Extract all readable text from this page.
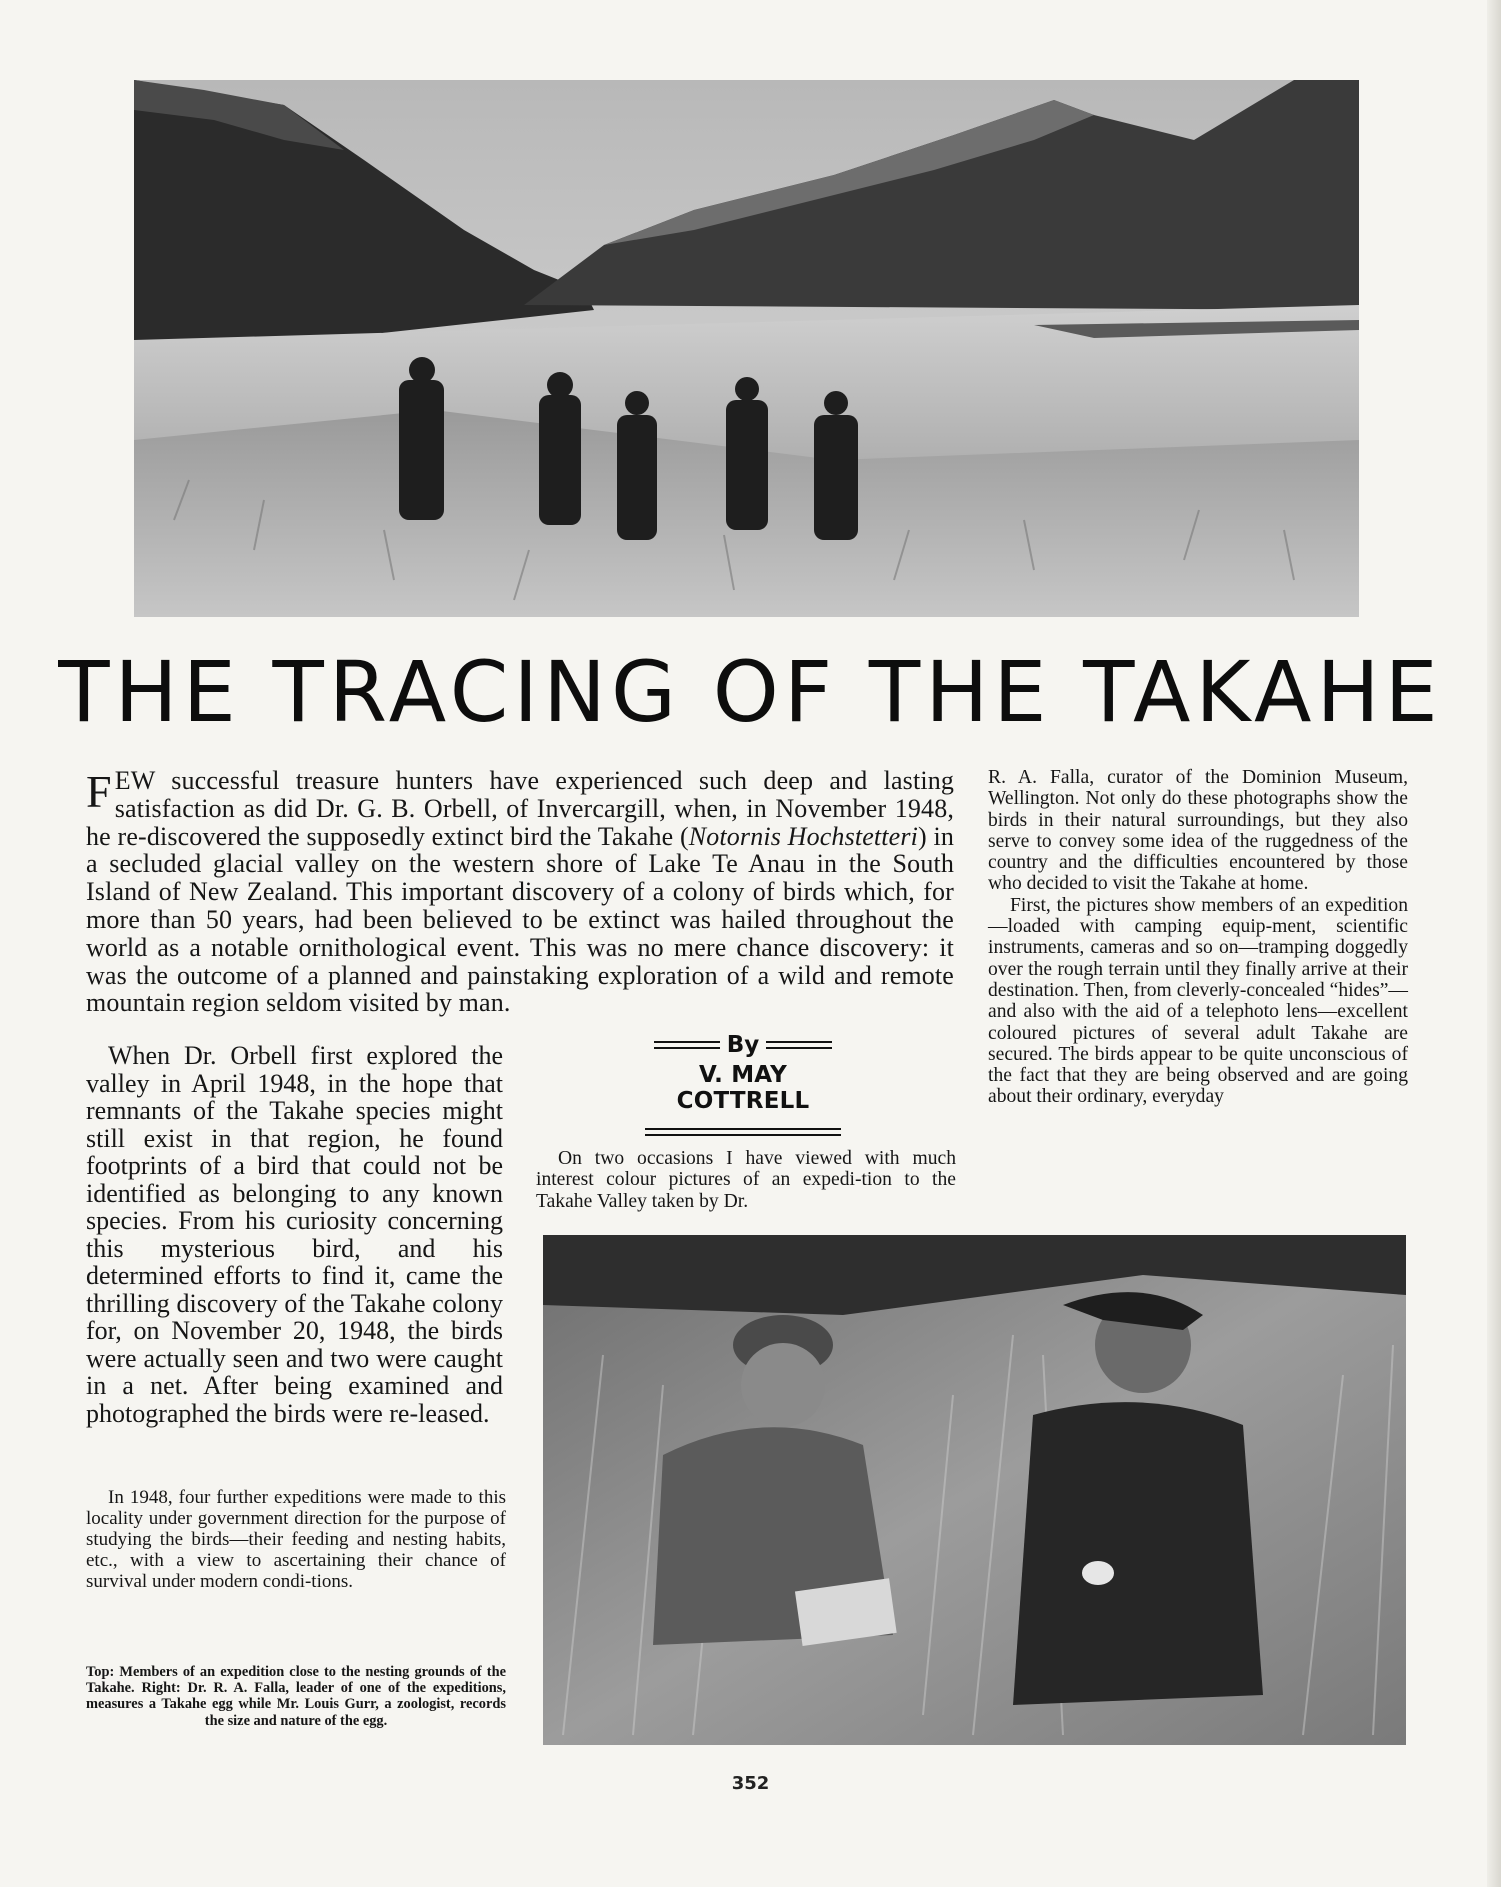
THE TRACING OF THE TAKAHE
FEW successful treasure hunters have experienced such deep and lasting satisfaction as did Dr. G. B. Orbell, of Invercargill, when, in November 1948, he re-discovered the supposedly extinct bird the Takahe (Notornis Hochstetteri) in a secluded glacial valley on the western shore of Lake Te Anau in the South Island of New Zealand. This important discovery of a colony of birds which, for more than 50 years, had been believed to be extinct was hailed throughout the world as a notable ornithological event. This was no mere chance discovery: it was the outcome of a planned and painstaking exploration of a wild and remote mountain region seldom visited by man.

When Dr. Orbell first explored the valley in April 1948, in the hope that remnants of the Takahe species might still exist in that region, he found footprints of a bird that could not be identified as belonging to any known species. From his curiosity concerning this mysterious bird, and his determined efforts to find it, came the thrilling discovery of the Takahe colony for, on November 20, 1948, the birds were actually seen and two were caught in a net. After being examined and photographed the birds were re-leased.

In 1948, four further expeditions were made to this locality under government direction for the purpose of studying the birds—their feeding and nesting habits, etc., with a view to ascertaining their chance of survival under modern condi-tions.
Top: Members of an expedition close to the nesting grounds of the Takahe. Right: Dr. R. A. Falla, leader of one of the expeditions, measures a Takahe egg while Mr. Louis Gurr, a zoologist, records the size and nature of the egg.
By
V. MAY COTTRELL
On two occasions I have viewed with much interest colour pictures of an expedi-tion to the Takahe Valley taken by Dr.

R. A. Falla, curator of the Dominion Museum, Wellington. Not only do these photographs show the birds in their natural surroundings, but they also serve to convey some idea of the ruggedness of the country and the difficulties encountered by those who decided to visit the Takahe at home.

First, the pictures show members of an expedition—loaded with camping equip-ment, scientific instruments, cameras and so on—tramping doggedly over the rough terrain until they finally arrive at their destination. Then, from cleverly-concealed “hides”—and also with the aid of a telephoto lens—excellent coloured pictures of several adult Takahe are secured. The birds appear to be quite unconscious of the fact that they are being observed and are going about their ordinary, everyday

352
